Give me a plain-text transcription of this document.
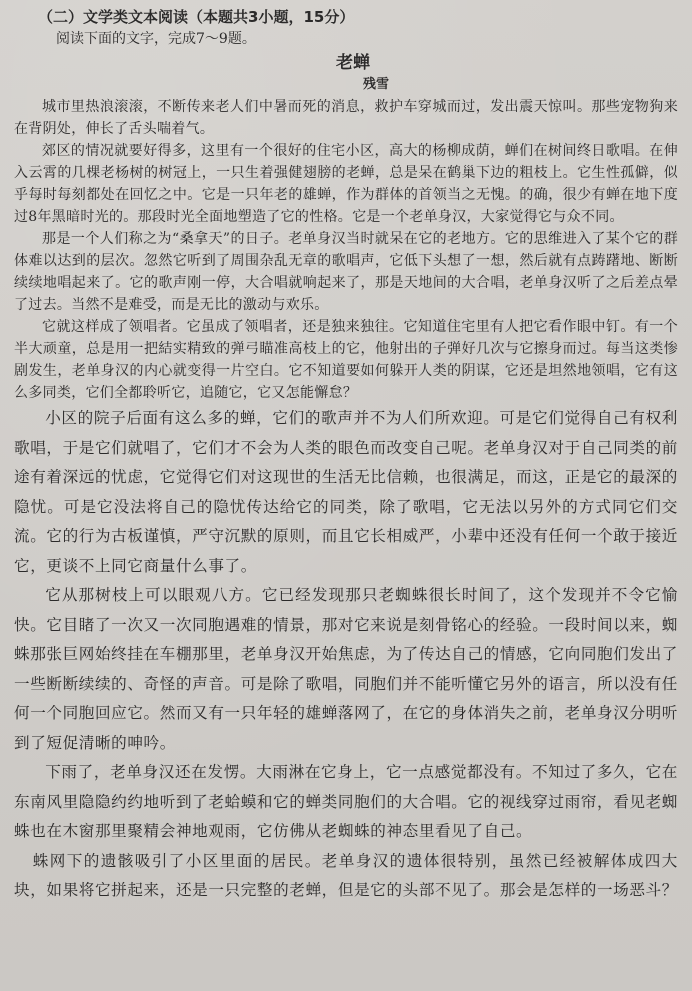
（二）文学类文本阅读（本题共3小题，15分）
阅读下面的文字，完成7～9题。
老蝉
残雪

城市里热浪滚滚，不断传来老人们中暑而死的消息，救护车穿城而过，发出震天惊叫。那些宠物狗来在背阴处，伸长了舌头喘着气。

郊区的情况就要好得多，这里有一个很好的住宅小区，高大的杨柳成荫，蝉们在树间终日歌唱。在伸入云霄的几棵老杨树的树冠上，一只生着强健翅膀的老蝉，总是呆在鹤巢下边的粗枝上。它生性孤僻，似乎每时每刻都处在回忆之中。它是一只年老的雄蝉，作为群体的首领当之无愧。的确，很少有蝉在地下度过8年黑暗时光的。那段时光全面地塑造了它的性格。它是一个老单身汉，大家觉得它与众不同。

那是一个人们称之为“桑拿天”的日子。老单身汉当时就呆在它的老地方。它的思维进入了某个它的群体难以达到的层次。忽然它听到了周围杂乱无章的歌唱声，它低下头想了一想，然后就有点踌躇地、断断续续地唱起来了。它的歌声刚一停，大合唱就响起来了，那是天地间的大合唱，老单身汉听了之后差点晕了过去。当然不是难受，而是无比的激动与欢乐。

它就这样成了领唱者。它虽成了领唱者，还是独来独往。它知道住宅里有人把它看作眼中钉。有一个半大顽童，总是用一把結实精致的弹弓瞄准高枝上的它，他射出的子弹好几次与它擦身而过。每当这类惨剧发生，老单身汉的内心就变得一片空白。它不知道要如何躲开人类的阴谋，它还是坦然地领唱，它有这么多同类，它们全都聆听它，追随它，它又怎能懈怠？

小区的院子后面有这么多的蝉，它们的歌声并不为人们所欢迎。可是它们觉得自己有权利歌唱，于是它们就唱了，它们才不会为人类的眼色而改变自己呢。老单身汉对于自己同类的前途有着深远的忧虑，它觉得它们对这现世的生活无比信赖，也很满足，而这，正是它的最深的隐忧。可是它没法将自己的隐忧传达给它的同类，除了歌唱，它无法以另外的方式同它们交流。它的行为古板谨慎，严守沉默的原则，而且它长相威严，小辈中还没有任何一个敢于接近它，更谈不上同它商量什么事了。

它从那树枝上可以眼观八方。它已经发现那只老蜘蛛很长时间了，这个发现并不令它愉快。它目睹了一次又一次同胞遇难的情景，那对它来说是刻骨铭心的经验。一段时间以来，蜘蛛那张巨网始终挂在车棚那里，老单身汉开始焦虑，为了传达自己的情感，它向同胞们发出了一些断断续续的、奇怪的声音。可是除了歌唱，同胞们并不能听懂它另外的语言，所以没有任何一个同胞回应它。然而又有一只年轻的雄蝉落网了，在它的身体消失之前，老单身汉分明听到了短促清晰的呻吟。

下雨了，老单身汉还在发愣。大雨淋在它身上，它一点感觉都没有。不知过了多久，它在东南风里隐隐约约地听到了老蛤蟆和它的蝉类同胞们的大合唱。它的视线穿过雨帘，看见老蜘蛛也在木窗那里聚精会神地观雨，它仿佛从老蜘蛛的神态里看见了自己。

蛛网下的遗骸吸引了小区里面的居民。老单身汉的遗体很特别，虽然已经被解体成四大块，如果将它拼起来，还是一只完整的老蝉，但是它的头部不见了。那会是怎样的一场恶斗？
